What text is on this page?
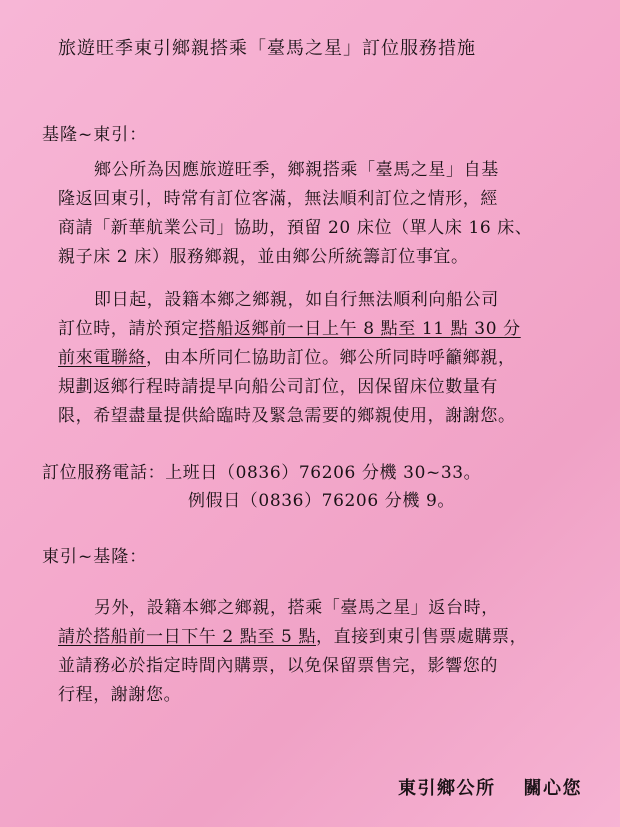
旅遊旺季東引鄉親搭乘「臺馬之星」訂位服務措施
基隆~東引：
鄉公所為因應旅遊旺季，鄉親搭乘「臺馬之星」自基
隆返回東引，時常有訂位客滿，無法順利訂位之情形，經
商請「新華航業公司」協助，預留 20 床位（單人床 16 床、
親子床 2 床）服務鄉親，並由鄉公所統籌訂位事宜。
即日起，設籍本鄉之鄉親，如自行無法順利向船公司
訂位時，請於預定搭船返鄉前一日上午 8 點至 11 點 30 分
前來電聯絡，由本所同仁協助訂位。鄉公所同時呼籲鄉親，
規劃返鄉行程時請提早向船公司訂位，因保留床位數量有
限，希望盡量提供給臨時及緊急需要的鄉親使用，謝謝您。
訂位服務電話：上班日（0836）76206 分機 30~33。
例假日（0836）76206 分機 9。
東引~基隆：
另外，設籍本鄉之鄉親，搭乘「臺馬之星」返台時，
請於搭船前一日下午 2 點至 5 點，直接到東引售票處購票，
並請務必於指定時間內購票，以免保留票售完，影響您的
行程，謝謝您。
東引鄉公所 關心您
